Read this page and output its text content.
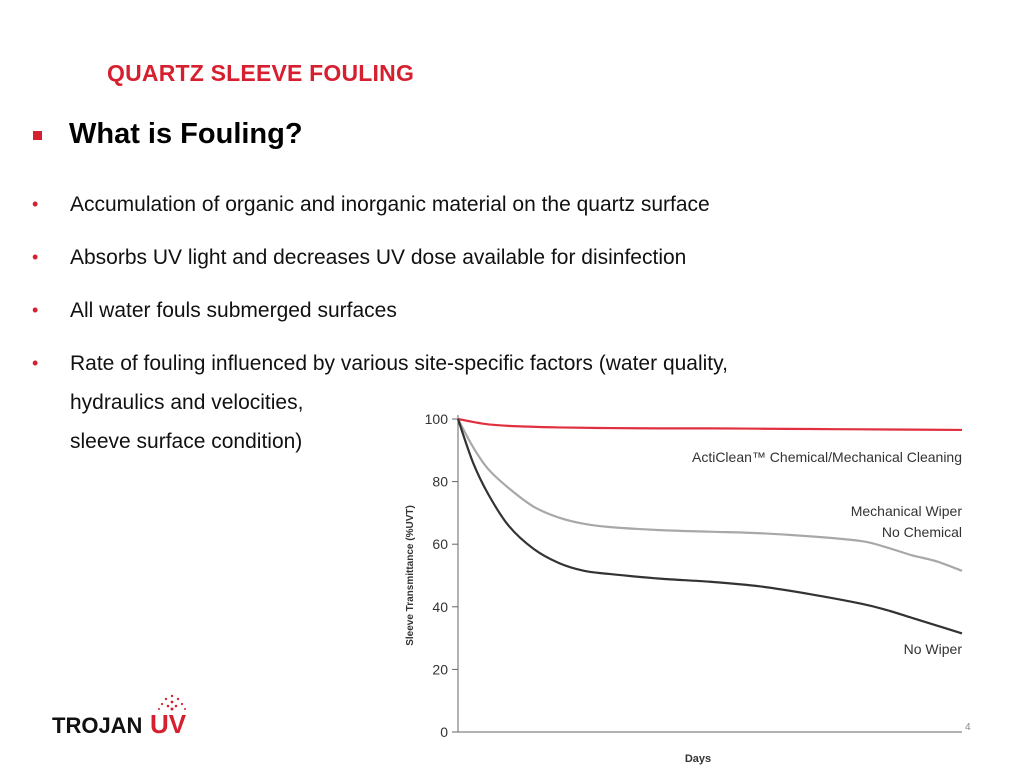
QUARTZ SLEEVE FOULING
What is Fouling?
• Accumulation of organic and inorganic material on the quartz surface
• Absorbs UV light and decreases UV dose available for disinfection
• All water fouls submerged surfaces
• Rate of fouling influenced by various site-specific factors (water quality,
hydraulics and velocities,
sleeve surface condition)
0
20
40
60
80
100
Sleeve Transmittance (%UVT)
Days
ActiClean™ Chemical/Mechanical Cleaning
Mechanical Wiper
No Chemical
No Wiper
TROJAN UV	4
